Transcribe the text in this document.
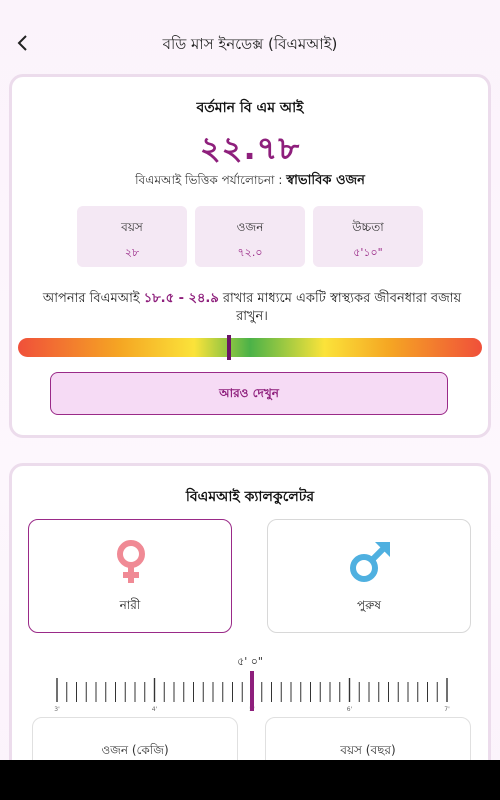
বডি মাস ইনডেক্স (বিএমআই)
বর্তমান বি এম আই
২২.৭৮
বিএমআই ভিত্তিক পর্যালোচনা : স্বাভাবিক ওজন
বয়স
২৮
ওজন
৭২.০
উচ্চতা
৫'১০"
আপনার বিএমআই ১৮.৫ - ২৪.৯ রাখার মাধ্যমে একটি স্বাস্থ্যকর জীবনধারা বজায় রাখুন।
আরও দেখুন
বিএমআই ক্যালকুলেটর
নারী	পুরুষ
৫' ০"
3'	4'	6'	7'
ওজন (কেজি)	বয়স (বছর)
